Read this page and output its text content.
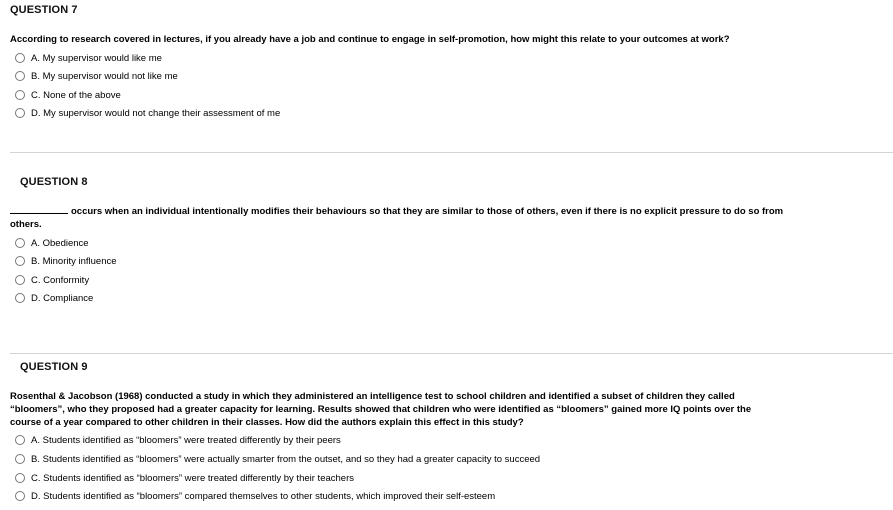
QUESTION 7
According to research covered in lectures, if you already have a job and continue to engage in self-promotion, how might this relate to your outcomes at work?
A. My supervisor would like me
B. My supervisor would not like me
C. None of the above
D. My supervisor would not change their assessment of me
QUESTION 8
occurs when an individual intentionally modifies their behaviours so that they are similar to those of others, even if there is no explicit pressure to do so from
others.
A. Obedience
B. Minority influence
C. Conformity
D. Compliance
QUESTION 9
Rosenthal & Jacobson (1968) conducted a study in which they administered an intelligence test to school children and identified a subset of children they called
“bloomers”, who they proposed had a greater capacity for learning. Results showed that children who were identified as “bloomers” gained more IQ points over the
course of a year compared to other children in their classes. How did the authors explain this effect in this study?
A. Students identified as “bloomers” were treated differently by their peers
B. Students identified as “bloomers” were actually smarter from the outset, and so they had a greater capacity to succeed
C. Students identified as “bloomers” were treated differently by their teachers
D. Students identified as “bloomers” compared themselves to other students, which improved their self-esteem
